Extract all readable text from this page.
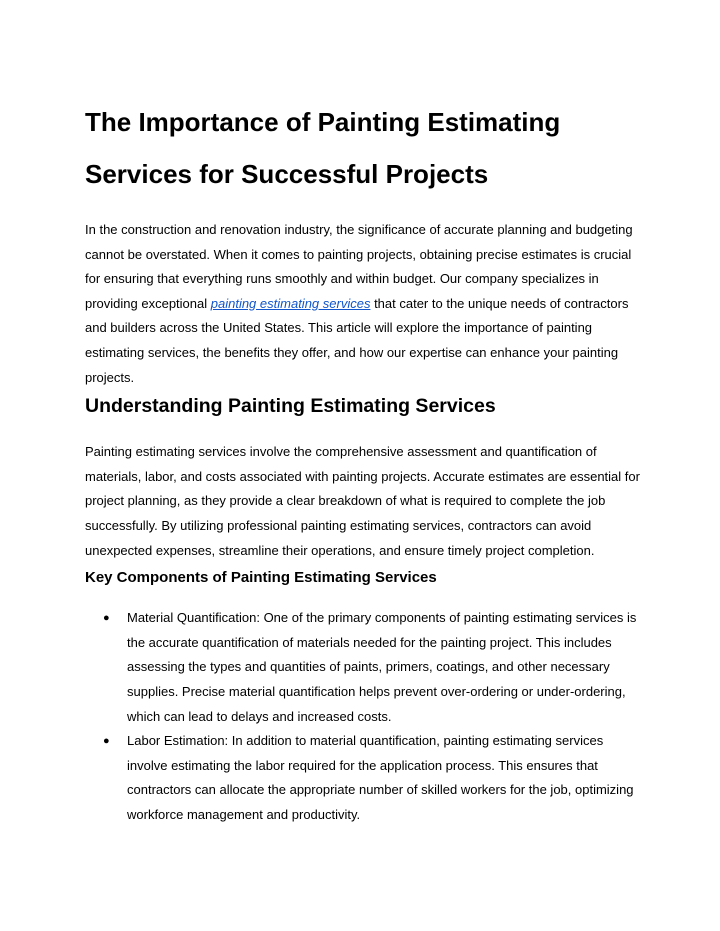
The Importance of Painting Estimating
Services for Successful Projects

In the construction and renovation industry, the significance of accurate planning and budgeting cannot be overstated. When it comes to painting projects, obtaining precise estimates is crucial for ensuring that everything runs smoothly and within budget. Our company specializes in providing exceptional painting estimating services that cater to the unique needs of contractors and builders across the United States. This article will explore the importance of painting estimating services, the benefits they offer, and how our expertise can enhance your painting projects.

Understanding Painting Estimating Services

Painting estimating services involve the comprehensive assessment and quantification of materials, labor, and costs associated with painting projects. Accurate estimates are essential for project planning, as they provide a clear breakdown of what is required to complete the job successfully. By utilizing professional painting estimating services, contractors can avoid unexpected expenses, streamline their operations, and ensure timely project completion.

Key Components of Painting Estimating Services
● Material Quantification: One of the primary components of painting estimating services is the accurate quantification of materials needed for the painting project. This includes assessing the types and quantities of paints, primers, coatings, and other necessary supplies. Precise material quantification helps prevent over-ordering or under-ordering, which can lead to delays and increased costs.
● Labor Estimation: In addition to material quantification, painting estimating services involve estimating the labor required for the application process. This ensures that contractors can allocate the appropriate number of skilled workers for the job, optimizing workforce management and productivity.
